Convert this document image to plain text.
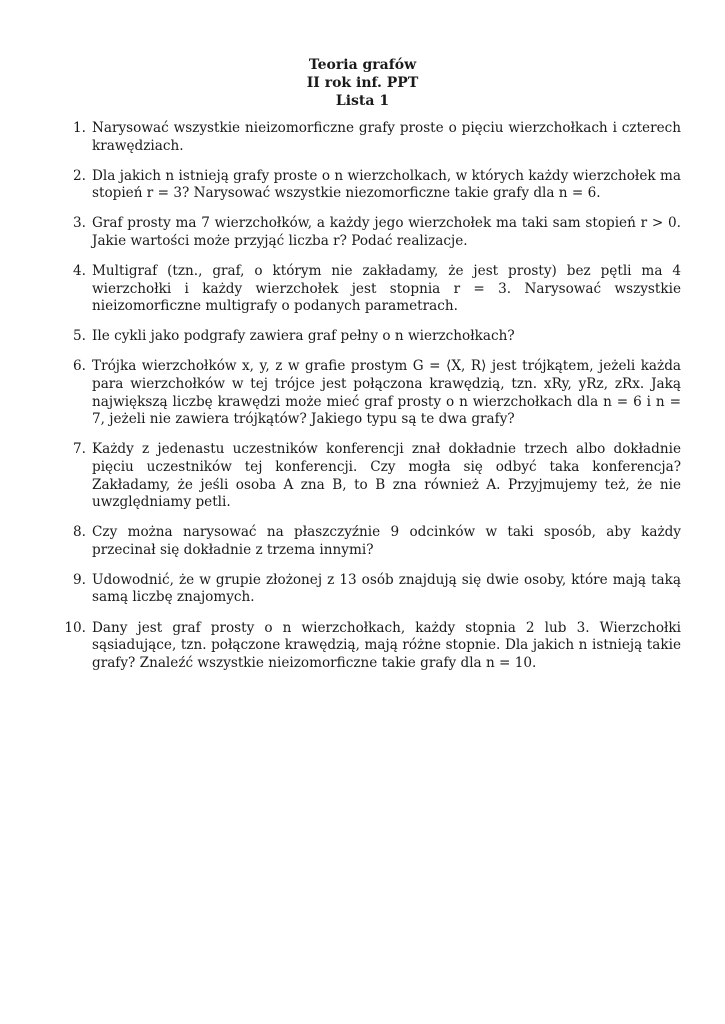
Teoria grafów
II rok inf. PPT
Lista 1
1. Narysować wszystkie nieizomorficzne grafy proste o pięciu wierzchołkach i czterech krawędziach.
2. Dla jakich n istnieją grafy proste o n wierzcholkach, w których każdy wierzchołek ma stopień r = 3? Narysować wszystkie niezomorficzne takie grafy dla n = 6.
3. Graf prosty ma 7 wierzchołków, a każdy jego wierzchołek ma taki sam stopień r > 0. Jakie wartości może przyjąć liczba r? Podać realizacje.
4. Multigraf (tzn., graf, o którym nie zakładamy, że jest prosty) bez pętli ma 4 wierzchołki i każdy wierzchołek jest stopnia r = 3. Narysować wszystkie nieizomorficzne multigrafy o podanych parametrach.
5. Ile cykli jako podgrafy zawiera graf pełny o n wierzchołkach?
6. Trójka wierzchołków x, y, z w grafie prostym G = ⟨X, R⟩ jest trójkątem, jeżeli każda para wierzchołków w tej trójce jest połączona krawędzią, tzn. xRy, yRz, zRx. Jaką największą liczbę krawędzi może mieć graf prosty o n wierzchołkach dla n = 6 i n = 7, jeżeli nie zawiera trójkątów? Jakiego typu są te dwa grafy?
7. Każdy z jedenastu uczestników konferencji znał dokładnie trzech albo dokładnie pięciu uczestników tej konferencji. Czy mogła się odbyć taka konferencja? Zakładamy, że jeśli osoba A zna B, to B zna również A. Przyjmujemy też, że nie uwzględniamy petli.
8. Czy można narysować na płaszczyźnie 9 odcinków w taki sposób, aby każdy przecinał się dokładnie z trzema innymi?
9. Udowodnić, że w grupie złożonej z 13 osób znajdują się dwie osoby, które mają taką samą liczbę znajomych.
10. Dany jest graf prosty o n wierzchołkach, każdy stopnia 2 lub 3. Wierzchołki sąsiadujące, tzn. połączone krawędzią, mają różne stopnie. Dla jakich n istnieją takie grafy? Znaleźć wszystkie nieizomorficzne takie grafy dla n = 10.
